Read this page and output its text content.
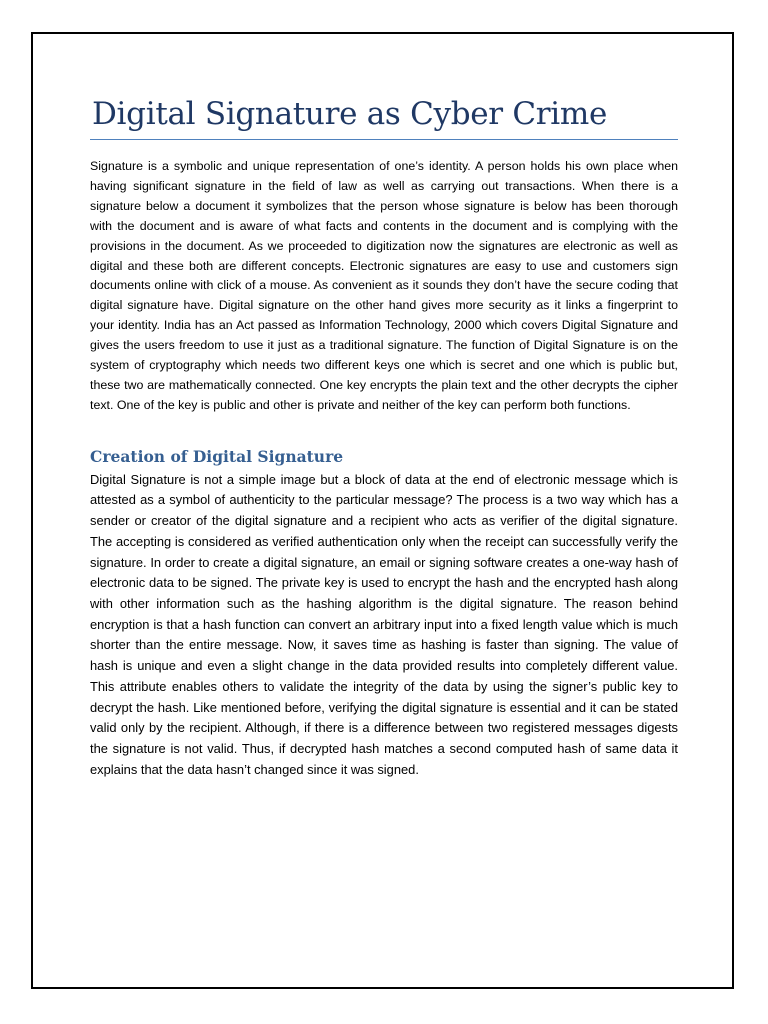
Digital Signature as Cyber Crime

Signature is a symbolic and unique representation of one’s identity. A person holds his own place when having significant signature in the field of law as well as carrying out transactions. When there is a signature below a document it symbolizes that the person whose signature is below has been thorough with the document and is aware of what facts and contents in the document and is complying with the provisions in the document. As we proceeded to digitization now the signatures are electronic as well as digital and these both are different concepts. Electronic signatures are easy to use and customers sign documents online with click of a mouse. As convenient as it sounds they don’t have the secure coding that digital signature have. Digital signature on the other hand gives more security as it links a fingerprint to your identity. India has an Act passed as Information Technology, 2000 which covers Digital Signature and gives the users freedom to use it just as a traditional signature. The function of Digital Signature is on the system of cryptography which needs two different keys one which is secret and one which is public but, these two are mathematically connected. One key encrypts the plain text and the other decrypts the cipher text. One of the key is public and other is private and neither of the key can perform both functions.

Creation of Digital Signature

Digital Signature is not a simple image but a block of data at the end of electronic message which is attested as a symbol of authenticity to the particular message? The process is a two way which has a sender or creator of the digital signature and a recipient who acts as verifier of the digital signature. The accepting is considered as verified authentication only when the receipt can successfully verify the signature. In order to create a digital signature, an email or signing software creates a one-way hash of electronic data to be signed. The private key is used to encrypt the hash and the encrypted hash along with other information such as the hashing algorithm is the digital signature. The reason behind encryption is that a hash function can convert an arbitrary input into a fixed length value which is much shorter than the entire message. Now, it saves time as hashing is faster than signing. The value of hash is unique and even a slight change in the data provided results into completely different value. This attribute enables others to validate the integrity of the data by using the signer’s public key to decrypt the hash. Like mentioned before, verifying the digital signature is essential and it can be stated valid only by the recipient. Although, if there is a difference between two registered messages digests the signature is not valid. Thus, if decrypted hash matches a second computed hash of same data it explains that the data hasn’t changed since it was signed.
